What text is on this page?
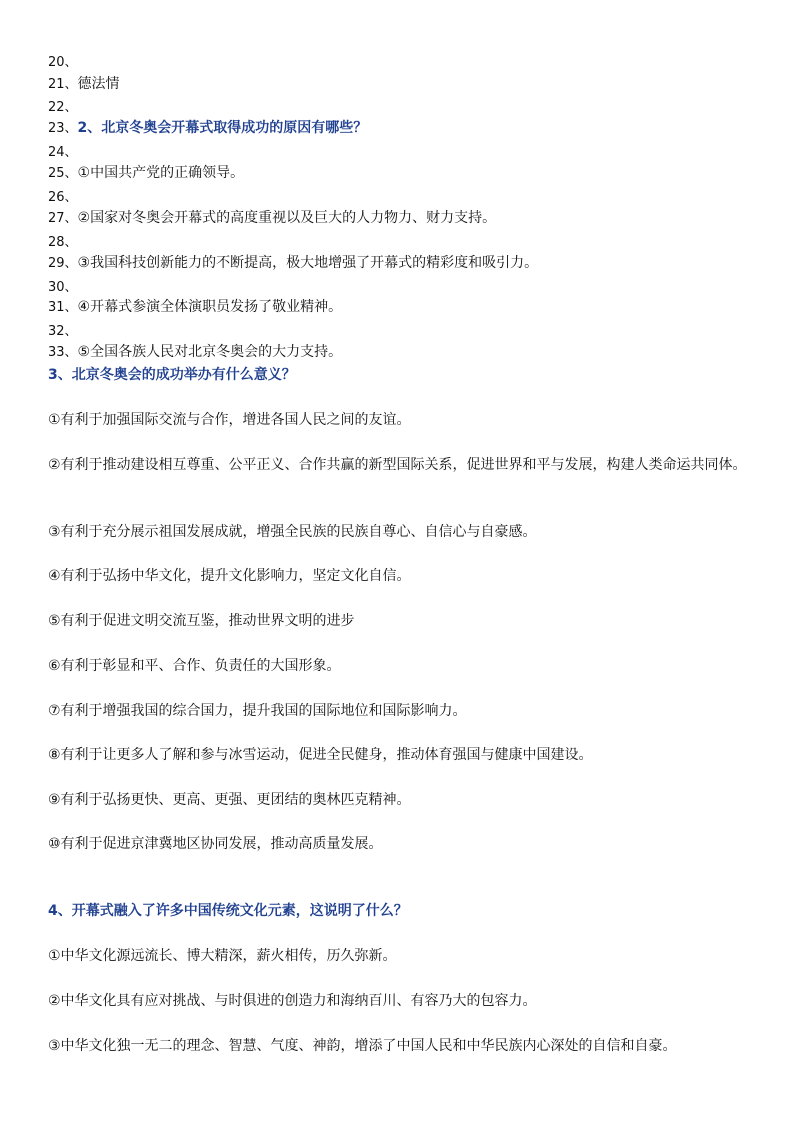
20、
21、德法情
22、
23、2、北京冬奥会开幕式取得成功的原因有哪些？
24、
25、①中国共产党的正确领导。
26、
27、②国家对冬奥会开幕式的高度重视以及巨大的人力物力、财力支持。
28、
29、③我国科技创新能力的不断提高，极大地增强了开幕式的精彩度和吸引力。
30、
31、④开幕式参演全体演职员发扬了敬业精神。
32、
33、⑤全国各族人民对北京冬奥会的大力支持。
3、北京冬奥会的成功举办有什么意义？
①有利于加强国际交流与合作，增进各国人民之间的友谊。
②有利于推动建设相互尊重、公平正义、合作共赢的新型国际关系，促进世界和平与发展，构建人类命运共同体。
③有利于充分展示祖国发展成就，增强全民族的民族自尊心、自信心与自豪感。
④有利于弘扬中华文化，提升文化影响力，坚定文化自信。
⑤有利于促进文明交流互鉴，推动世界文明的进步
⑥有利于彰显和平、合作、负责任的大国形象。
⑦有利于增强我国的综合国力，提升我国的国际地位和国际影响力。
⑧有利于让更多人了解和参与冰雪运动，促进全民健身，推动体育强国与健康中国建设。
⑨有利于弘扬更快、更高、更强、更团结的奥林匹克精神。
⑩有利于促进京津冀地区协同发展，推动高质量发展。
4、开幕式融入了许多中国传统文化元素，这说明了什么？
①中华文化源远流长、博大精深，薪火相传，历久弥新。
②中华文化具有应对挑战、与时俱进的创造力和海纳百川、有容乃大的包容力。
③中华文化独一无二的理念、智慧、气度、神韵，增添了中国人民和中华民族内心深处的自信和自豪。
